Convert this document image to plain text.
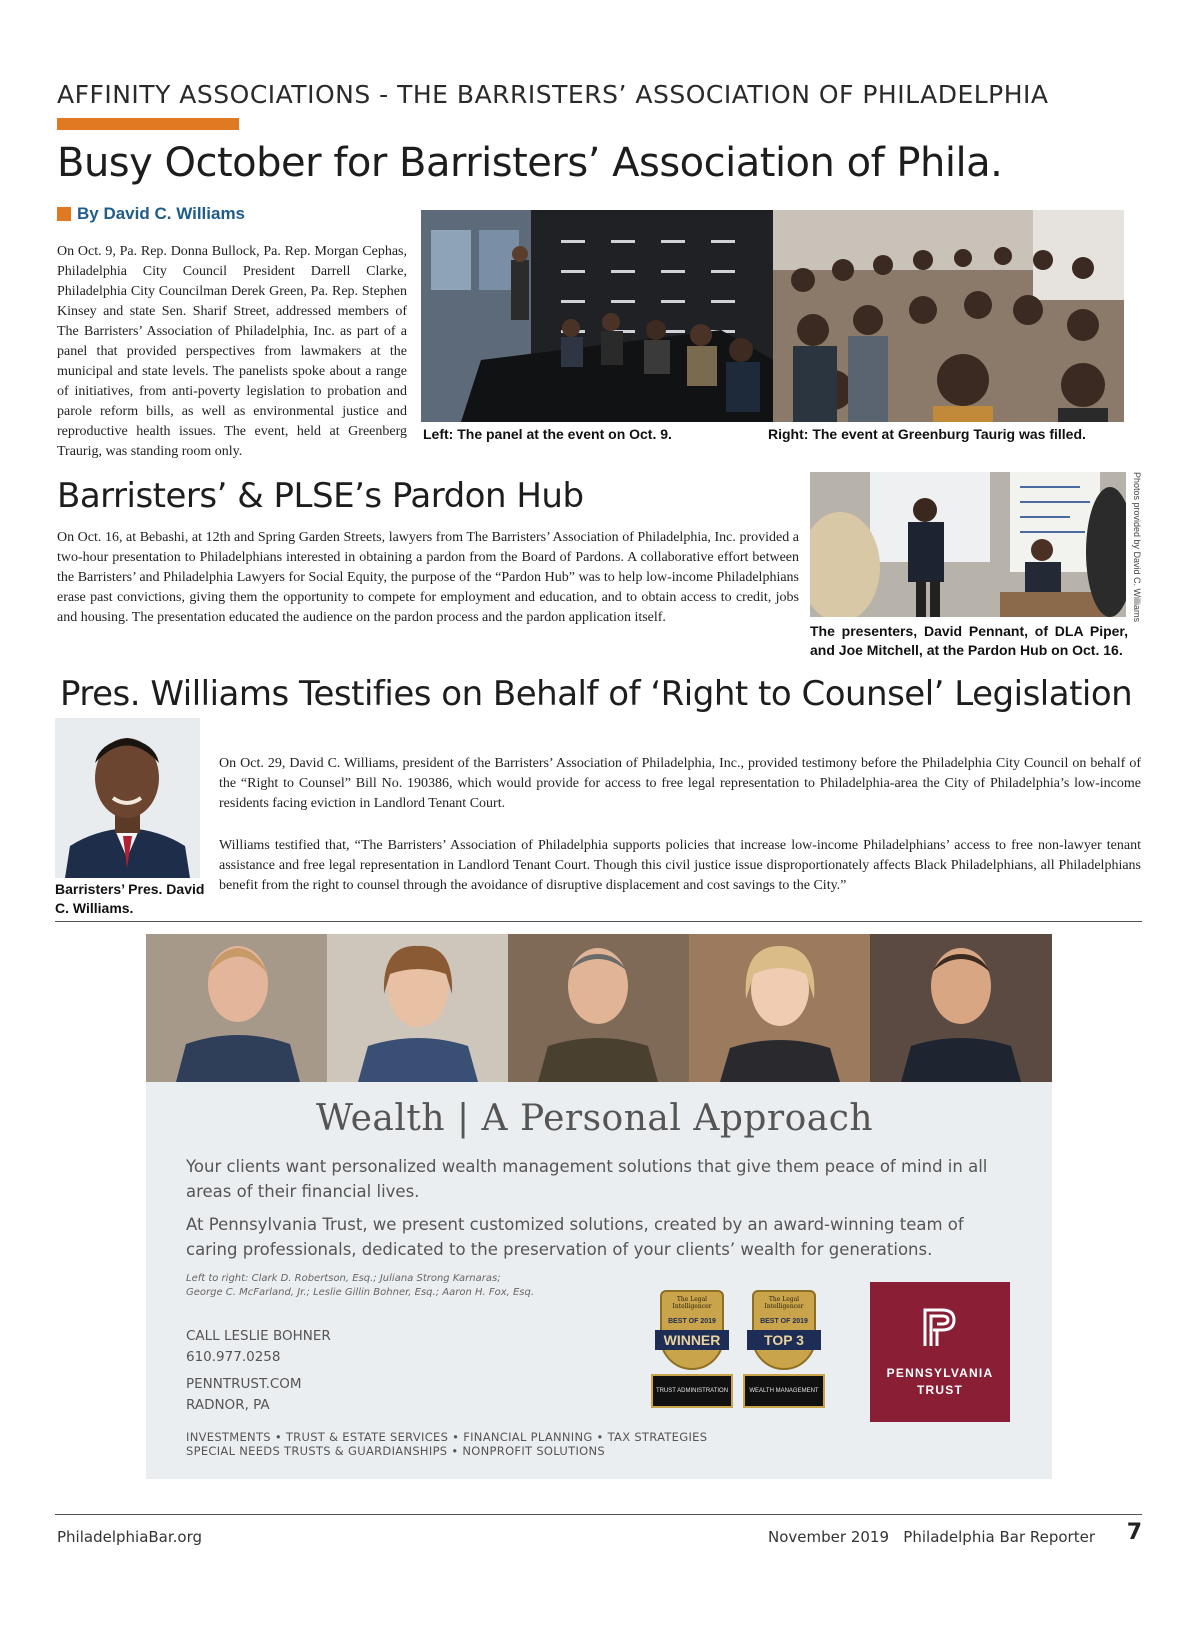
AFFINITY ASSOCIATIONS - THE BARRISTERS’ ASSOCIATION OF PHILADELPHIA
Busy October for Barristers’ Association of Phila.
By David C. Williams
On Oct. 9, Pa. Rep. Donna Bullock, Pa. Rep. Morgan Cephas, Philadelphia City Council President Darrell Clarke, Philadelphia City Councilman Derek Green, Pa. Rep. Stephen Kinsey and state Sen. Sharif Street, addressed members of The Barristers’ Association of Philadelphia, Inc. as part of a panel that provided perspectives from lawmakers at the municipal and state levels. The panelists spoke about a range of initiatives, from anti-poverty legislation to probation and parole reform bills, as well as environmental justice and reproductive health issues. The event, held at Greenberg Traurig, was standing room only.
Left: The panel at the event on Oct. 9.	Right: The event at Greenburg Taurig was filled.
Barristers’ & PLSE’s Pardon Hub
On Oct. 16, at Bebashi, at 12th and Spring Garden Streets, lawyers from The Barristers’ Association of Philadelphia, Inc. provided a two-hour presentation to Philadelphians interested in obtaining a pardon from the Board of Pardons. A collaborative effort between the Barristers’ and Philadelphia Lawyers for Social Equity, the purpose of the “Pardon Hub” was to help low-income Philadelphians erase past convictions, giving them the opportunity to compete for employment and education, and to obtain access to credit, jobs and housing. The presentation educated the audience on the pardon process and the pardon application itself.	Photos provided by David C. Williams
The presenters, David Pennant, of DLA Piper, and Joe Mitchell, at the Pardon Hub on Oct. 16.
Pres. Williams Testifies on Behalf of ‘Right to Counsel’ Legislation
Barristers’ Pres. David C. Williams.
On Oct. 29, David C. Williams, president of the Barristers’ Association of Philadelphia, Inc., provided testimony before the Philadelphia City Council on behalf of the “Right to Counsel” Bill No. 190386, which would provide for access to free legal representation to Philadelphia-area the City of Philadelphia’s low-income residents facing eviction in Landlord Tenant Court.
Williams testified that, “The Barristers’ Association of Philadelphia supports policies that increase low-income Philadelphians’ access to free non-lawyer tenant assistance and free legal representation in Landlord Tenant Court. Though this civil justice issue disproportionately affects Black Philadelphians, all Philadelphians benefit from the right to counsel through the avoidance of disruptive displacement and cost savings to the City.”
Wealth | A Personal Approach
Your clients want personalized wealth management solutions that give them peace of mind in all areas of their financial lives.
At Pennsylvania Trust, we present customized solutions, created by an award-winning team of caring professionals, dedicated to the preservation of your clients’ wealth for generations.
Left to right: Clark D. Robertson, Esq.; Juliana Strong Karnaras;
George C. McFarland, Jr.; Leslie Gillin Bohner, Esq.; Aaron H. Fox, Esq.
CALL LESLIE BOHNER
610.977.0258
PENNTRUST.COM
RADNOR, PA
INVESTMENTS • TRUST & ESTATE SERVICES • FINANCIAL PLANNING • TAX STRATEGIES
SPECIAL NEEDS TRUSTS & GUARDIANSHIPS • NONPROFIT SOLUTIONS
The Legal Intelligencer
BEST OF 2019
WINNER
TRUST ADMINISTRATION
The Legal Intelligencer
BEST OF 2019
TOP 3
WEALTH MANAGEMENT
PENNSYLVANIA
TRUST
PhiladelphiaBar.org	November 2019   Philadelphia Bar Reporter 7
